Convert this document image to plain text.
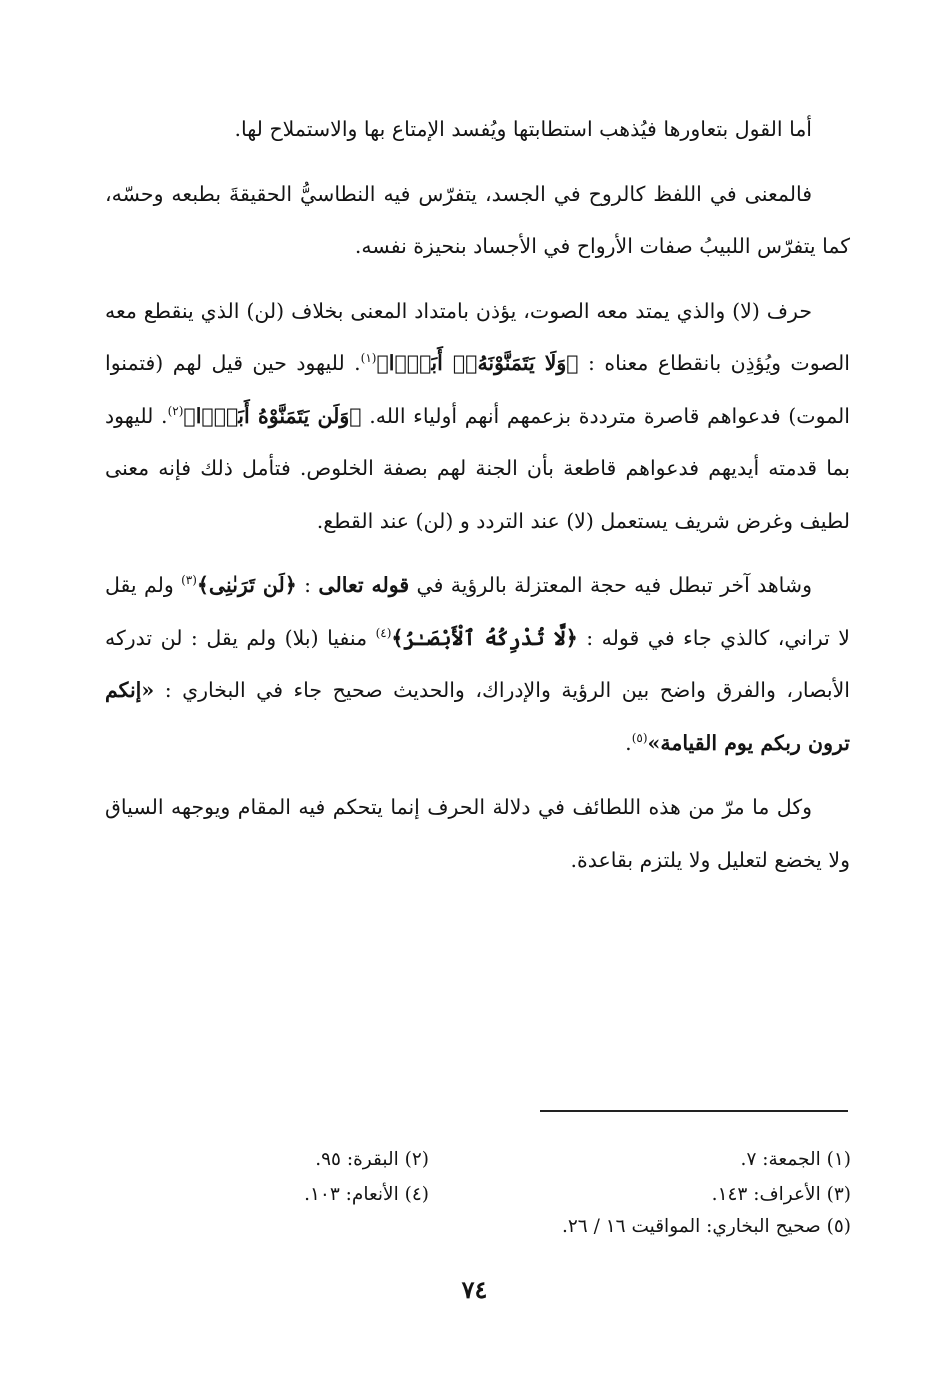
أما القول بتعاورها فيُذهب استطابتها ويُفسد الإمتاع بها والاستملاح لها.

فالمعنى في اللفظ كالروح في الجسد، يتفرّس فيه النطاسيُّ الحقيقةَ بطبعه وحسّه، كما يتفرّس اللبيبُ صفات الأرواح في الأجساد بنحيزة نفسه.

حرف (لا) والذي يمتد معه الصوت، يؤذن بامتداد المعنى بخلاف (لن) الذي ينقطع معه الصوت ويُؤذِن بانقطاع معناه : ﴿وَلَا يَتَمَنَّوْنَهُۥٓ أَبَدًۢا﴾$^{(١)}$. لليهود حين قيل لهم (فتمنوا الموت) فدعواهم قاصرة مترددة بزعمهم أنهم أولياء الله. ﴿وَلَن يَتَمَنَّوْهُ أَبَدًۢا﴾$^{(٢)}$. لليهود بما قدمته أيديهم فدعواهم قاطعة بأن الجنة لهم بصفة الخلوص. فتأمل ذلك فإنه معنى لطيف وغرض شريف يستعمل (لا) عند التردد و (لن) عند القطع.

وشاهد آخر تبطل فيه حجة المعتزلة بالرؤية في قوله تعالى : ﴿لَن تَرَىٰنِى﴾$^{(٣)}$ ولم يقل لا تراني، كالذي جاء في قوله : ﴿لَّا تُدْرِكُهُ ٱلْأَبْصَـٰرُ﴾$^{(٤)}$ منفيا (بلا) ولم يقل : لن تدركه الأبصار، والفرق واضح بين الرؤية والإدراك، والحديث صحيح جاء في البخاري : «إنكم ترون ربكم يوم القيامة»$^{(٥)}$.

وكل ما مرّ من هذه اللطائف في دلالة الحرف إنما يتحكم فيه المقام ويوجهه السياق ولا يخضع لتعليل ولا يلتزم بقاعدة.

(١) الجمعة: ٧.
(٢) البقرة: ٩٥.
(٣) الأعراف: ١٤٣.
(٤) الأنعام: ١٠٣.
(٥) صحيح البخاري: المواقيت ١٦ / ٢٦.
٧٤
